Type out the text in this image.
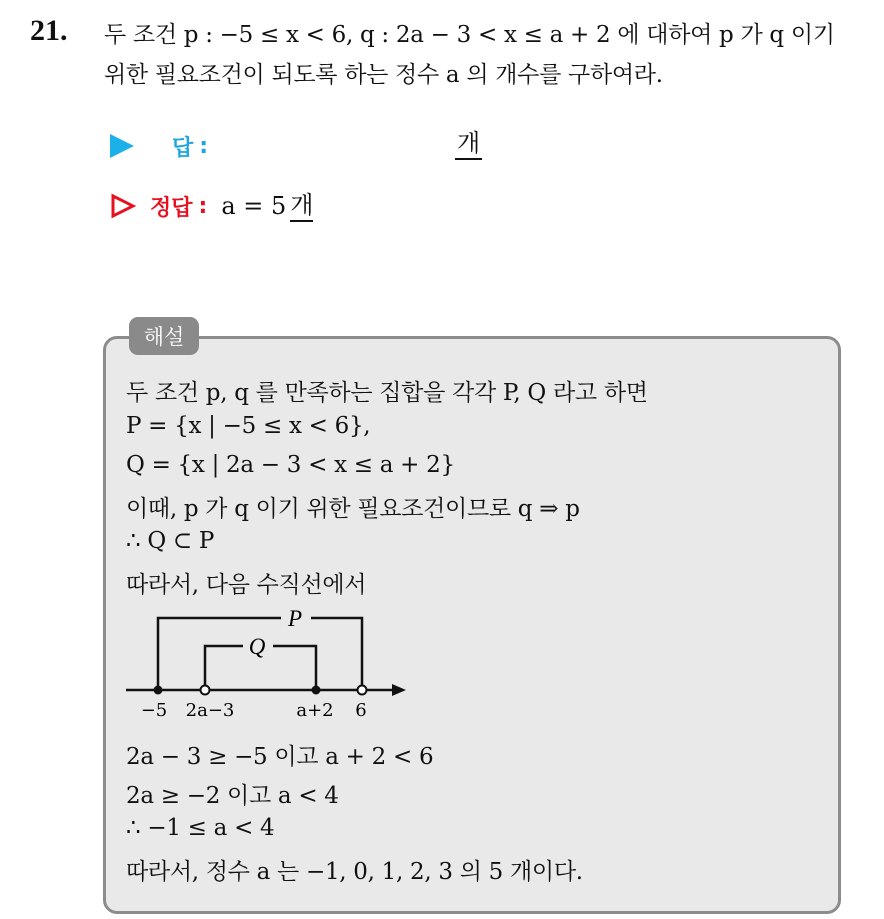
21. 두 조건 p : −5 ≤ x < 6, q : 2a − 3 < x ≤ a + 2 에 대하여 p 가 q 이기
위한 필요조건이 되도록 하는 정수 a 의 개수를 구하여라.
답 :	개
정답 : a = 5 개
해설
두 조건 p, q 를 만족하는 집합을 각각 P, Q 라고 하면
P = {x | −5 ≤ x < 6},
Q = {x | 2a − 3 < x ≤ a + 2}
이때, p 가 q 이기 위한 필요조건이므로 q ⇒ p
∴ Q ⊂ P
따라서, 다음 수직선에서
P
Q
−5 2a−3	a+2 6
2a − 3 ≥ −5 이고 a + 2 < 6
2a ≥ −2 이고 a < 4
∴ −1 ≤ a < 4
따라서, 정수 a 는 −1, 0, 1, 2, 3 의 5 개이다.
